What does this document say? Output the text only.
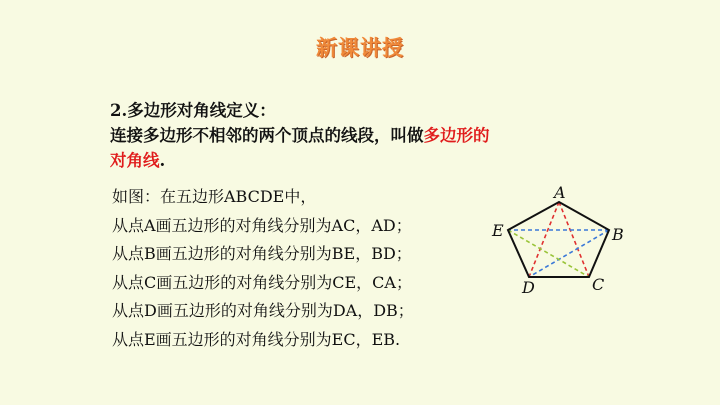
新课讲授
2.多边形对角线定义：
连接多边形不相邻的两个顶点的线段，叫做多边形的
对角线.
如图：在五边形ABCDE中，
从点A画五边形的对角线分别为AC，AD；
从点B画五边形的对角线分别为BE，BD；
从点C画五边形的对角线分别为CE，CA；
从点D画五边形的对角线分别为DA，DB；
从点E画五边形的对角线分别为EC，EB.
A
B
C
D
E
